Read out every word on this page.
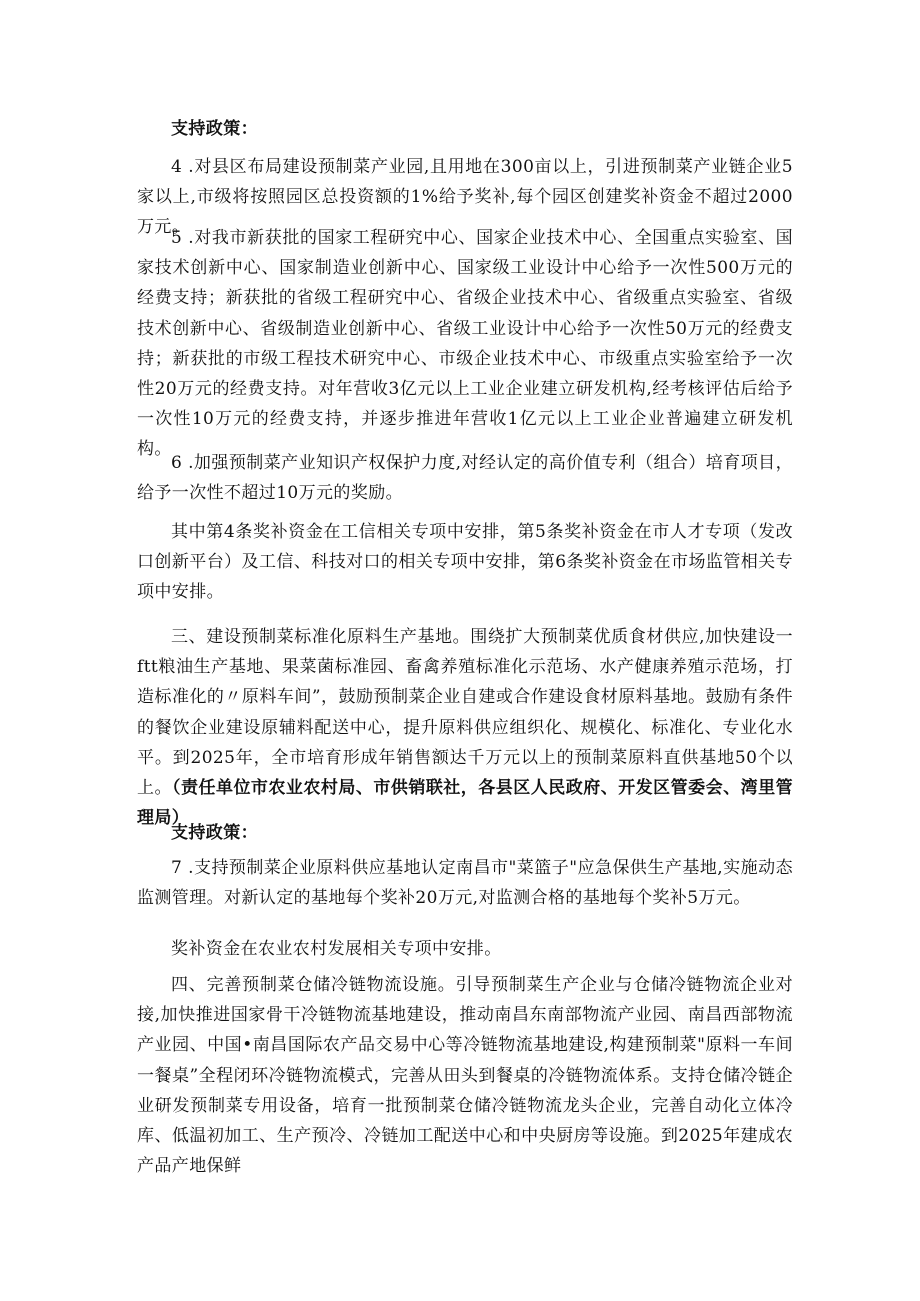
支持政策：

4 .对县区布局建设预制菜产业园,且用地在300亩以上，引进预制菜产业链企业5家以上,市级将按照园区总投资额的1%给予奖补,每个园区创建奖补资金不超过2000万元。

5 .对我市新获批的国家工程研究中心、国家企业技术中心、全国重点实验室、国家技术创新中心、国家制造业创新中心、国家级工业设计中心给予一次性500万元的经费支持；新获批的省级工程研究中心、省级企业技术中心、省级重点实验室、省级技术创新中心、省级制造业创新中心、省级工业设计中心给予一次性50万元的经费支持；新获批的市级工程技术研究中心、市级企业技术中心、市级重点实验室给予一次性20万元的经费支持。对年营收3亿元以上工业企业建立研发机构,经考核评估后给予一次性10万元的经费支持，并逐步推进年营收1亿元以上工业企业普遍建立研发机构。

6 .加强预制菜产业知识产权保护力度,对经认定的高价值专利（组合）培育项目，给予一次性不超过10万元的奖励。

其中第4条奖补资金在工信相关专项中安排，第5条奖补资金在市人才专项（发改口创新平台）及工信、科技对口的相关专项中安排，第6条奖补资金在市场监管相关专项中安排。

三、建设预制菜标准化原料生产基地。围绕扩大预制菜优质食材供应,加快建设一ftt粮油生产基地、果菜菌标准园、畜禽养殖标准化示范场、水产健康养殖示范场，打造标准化的〃原料车间”，鼓励预制菜企业自建或合作建设食材原料基地。鼓励有条件的餐饮企业建设原辅料配送中心，提升原料供应组织化、规模化、标准化、专业化水平。到2025年，全市培育形成年销售额达千万元以上的预制菜原料直供基地50个以上。（责任单位市农业农村局、市供销联社，各县区人民政府、开发区管委会、湾里管理局）

支持政策：

7 .支持预制菜企业原料供应基地认定南昌市"菜篮子"应急保供生产基地,实施动态监测管理。对新认定的基地每个奖补20万元,对监测合格的基地每个奖补5万元。

奖补资金在农业农村发展相关专项中安排。

四、完善预制菜仓储冷链物流设施。引导预制菜生产企业与仓储冷链物流企业对接,加快推进国家骨干冷链物流基地建设，推动南昌东南部物流产业园、南昌西部物流产业园、中国•南昌国际农产品交易中心等冷链物流基地建设,构建预制菜"原料一车间一餐桌”全程闭环冷链物流模式，完善从田头到餐桌的冷链物流体系。支持仓储冷链企业研发预制菜专用设备，培育一批预制菜仓储冷链物流龙头企业，完善自动化立体冷库、低温初加工、生产预冷、冷链加工配送中心和中央厨房等设施。到2025年建成农产品产地保鲜
